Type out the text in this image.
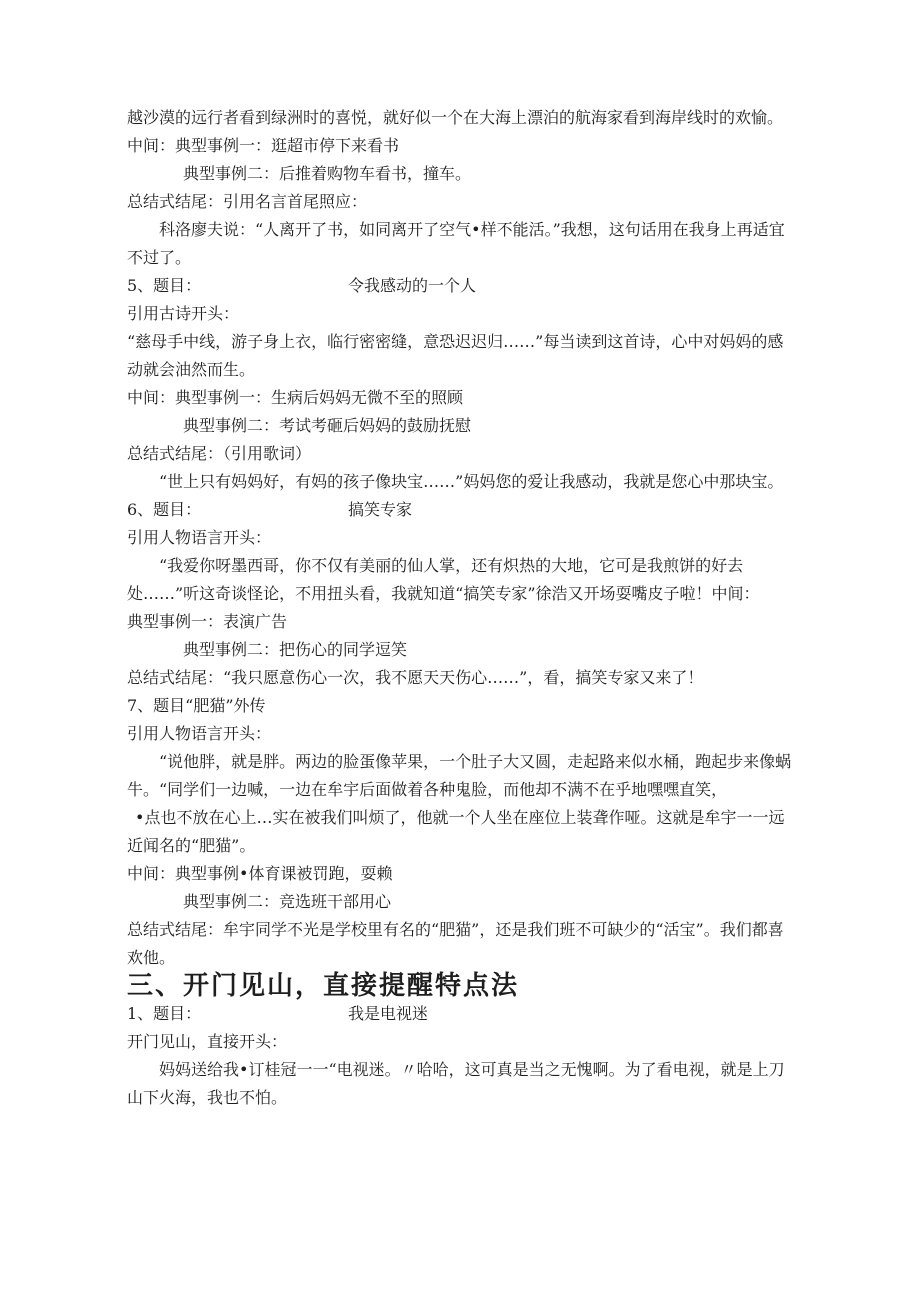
越沙漠的远行者看到绿洲时的喜悦，就好似一个在大海上漂泊的航海家看到海岸线时的欢愉。

中间：典型事例一：逛超市停下来看书

典型事例二：后推着购物车看书，撞车。

总结式结尾：引用名言首尾照应：

科洛廖夫说：“人离开了书，如同离开了空气•样不能活。”我想，这句话用在我身上再适宜不过了。

5、题目：	令我感动的一个人

引用古诗开头：

“慈母手中线，游子身上衣，临行密密缝，意恐迟迟归……”每当读到这首诗，心中对妈妈的感动就会油然而生。

中间：典型事例一：生病后妈妈无微不至的照顾

典型事例二：考试考砸后妈妈的鼓励抚慰

总结式结尾：（引用歌词）

“世上只有妈妈好，有妈的孩子像块宝……”妈妈您的爱让我感动，我就是您心中那块宝。

6、题目：	搞笑专家

引用人物语言开头：

“我爱你呀墨西哥，你不仅有美丽的仙人掌，还有炽热的大地，它可是我煎饼的好去处……”听这奇谈怪论，不用扭头看，我就知道“搞笑专家”徐浩又开场耍嘴皮子啦！中间：

典型事例一：表演广告

典型事例二：把伤心的同学逗笑

总结式结尾：“我只愿意伤心一次，我不愿天天伤心……”，看，搞笑专家又来了！

7、题目“肥猫”外传

引用人物语言开头：

“说他胖，就是胖。两边的脸蛋像苹果，一个肚子大又圆，走起路来似水桶，跑起步来像蜗牛。“同学们一边喊，一边在牟宇后面做着各种鬼脸，而他却不满不在乎地嘿嘿直笑，

•点也不放在心上…实在被我们叫烦了，他就一个人坐在座位上装聋作哑。这就是牟宇一一远近闻名的“肥猫”。

中间：典型事例•体育课被罚跑，耍赖

典型事例二：竞选班干部用心

总结式结尾：牟宇同学不光是学校里有名的“肥猫”，还是我们班不可缺少的“活宝”。我们都喜欢他。

三、开门见山，直接提醒特点法

1、题目：	我是电视迷

开门见山，直接开头：

妈妈送给我•订桂冠一一“电视迷。〃哈哈，这可真是当之无愧啊。为了看电视，就是上刀山下火海，我也不怕。
